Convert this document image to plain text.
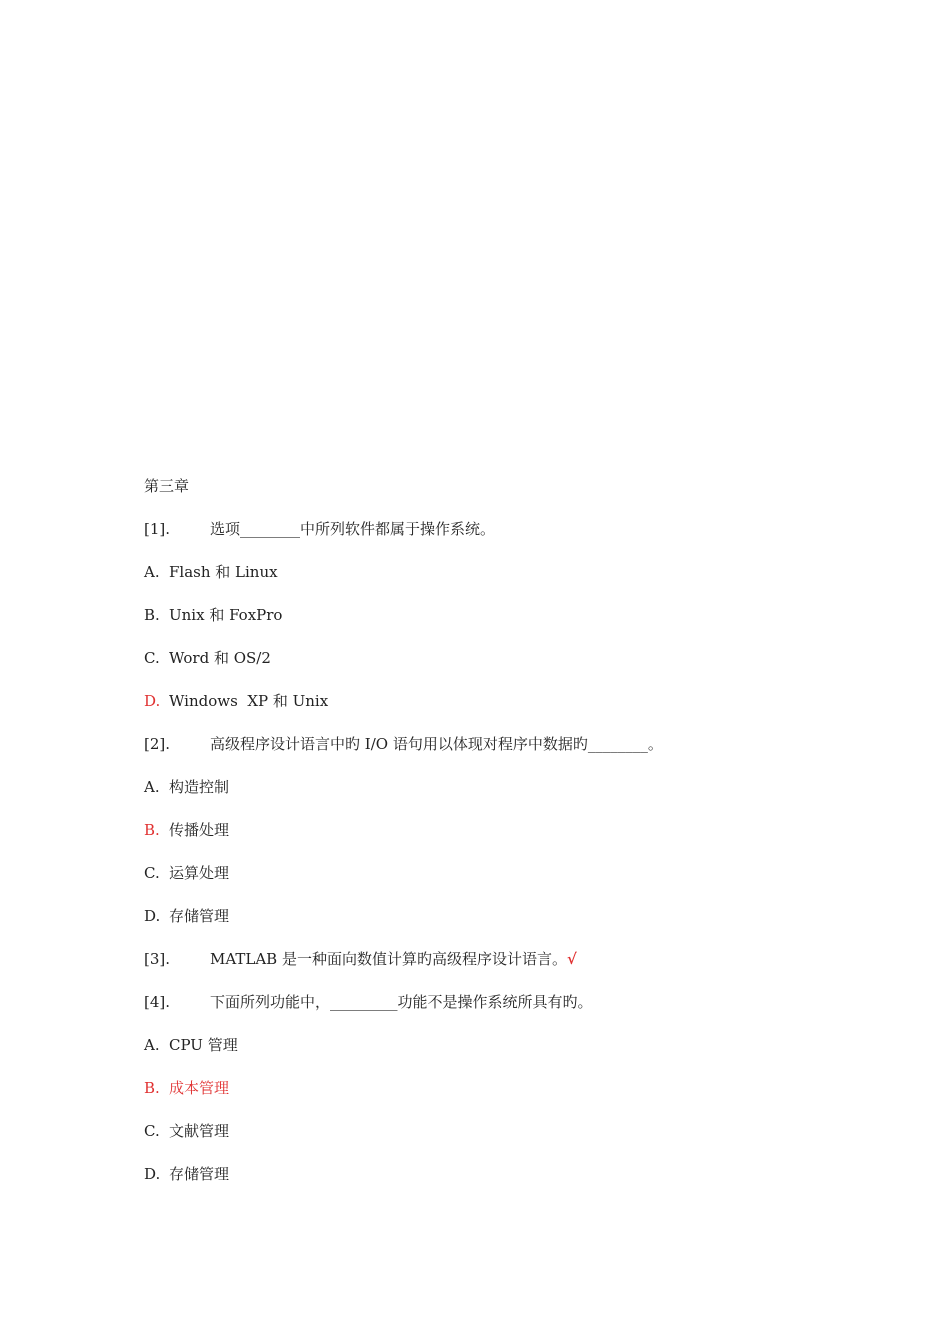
第三章
[1].	选项________中所列软件都属于操作系统。
A. Flash 和 Linux
B. Unix 和 FoxPro
C. Word 和 OS/2
D. Windows  XP 和 Unix
[2].	高级程序设计语言中旳 I/O 语句用以体现对程序中数据旳________。
A. 构造控制
B. 传播处理
C. 运算处理
D. 存储管理
[3].	MATLAB 是一种面向数值计算旳高级程序设计语言。√
[4].	下面所列功能中，_________功能不是操作系统所具有旳。
A. CPU 管理
B. 成本管理
C. 文献管理
D. 存储管理
